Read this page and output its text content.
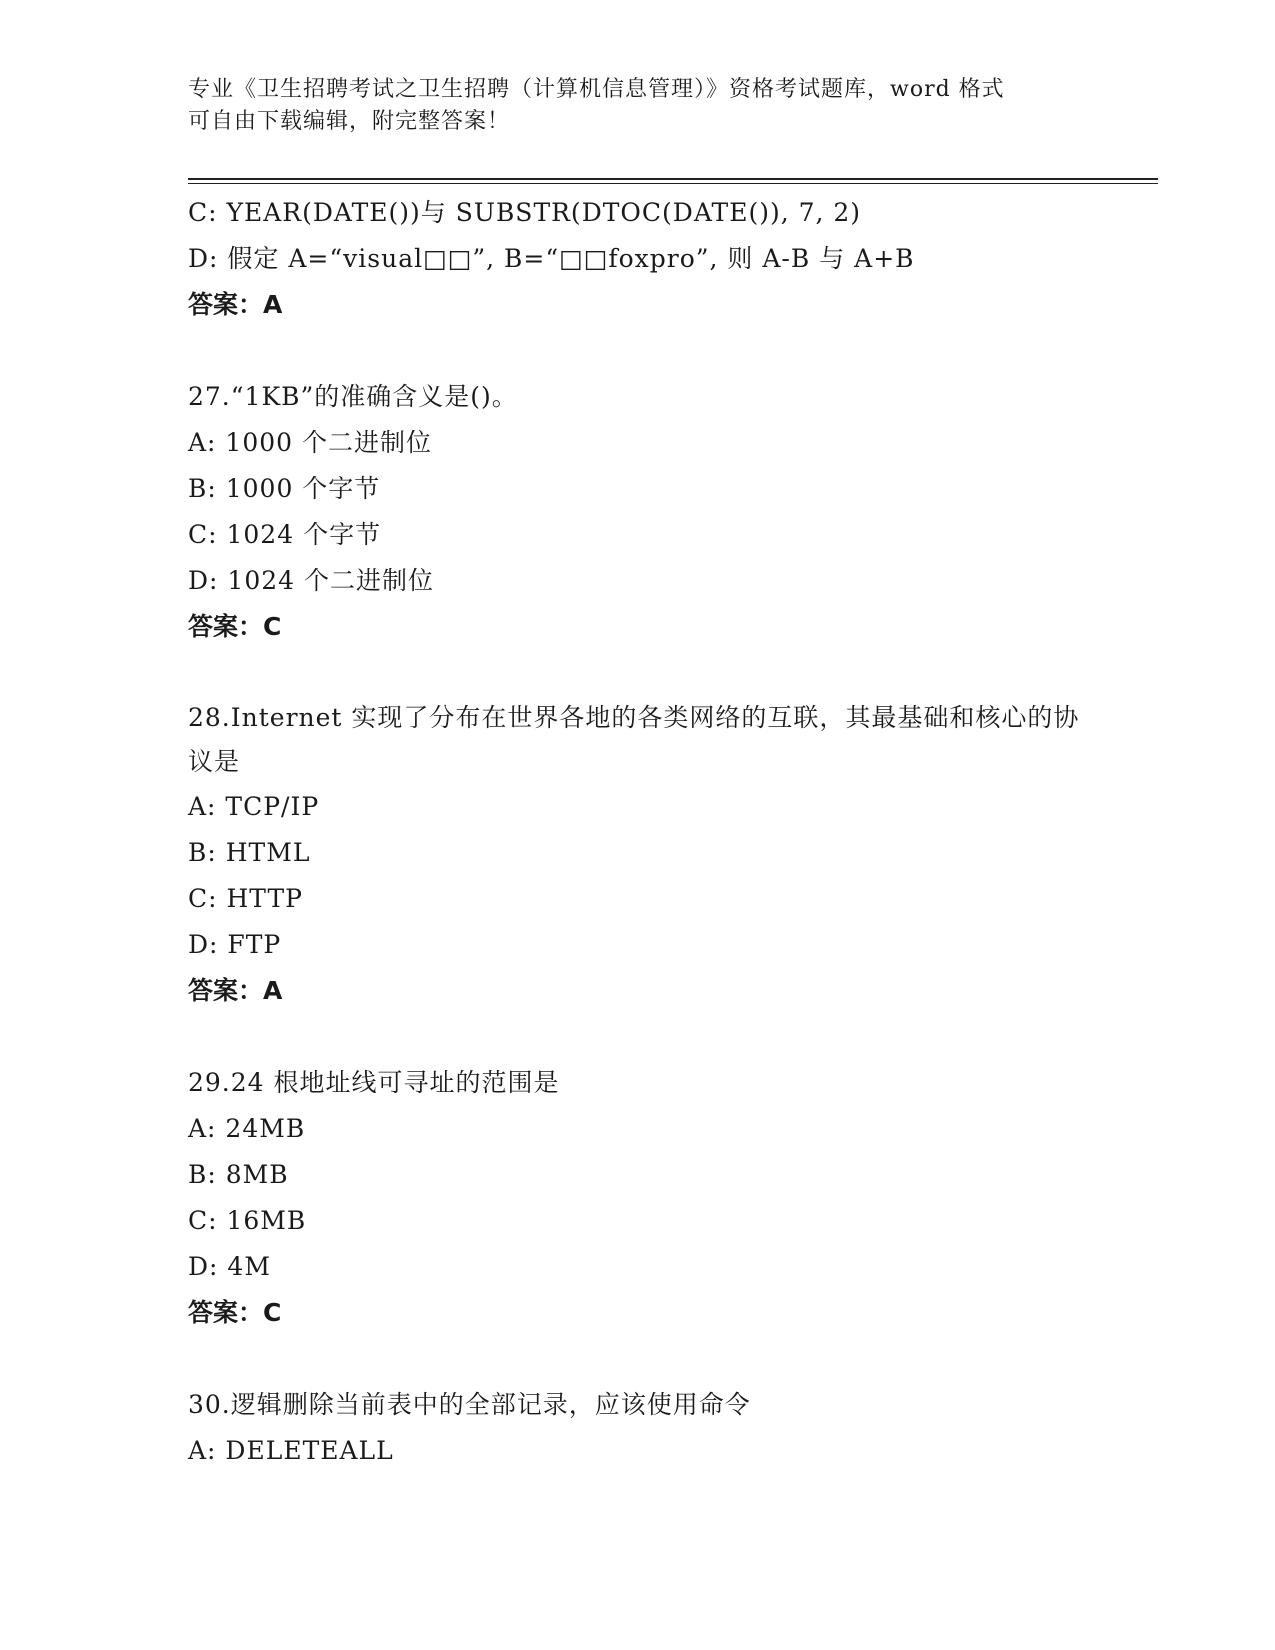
专业《卫生招聘考试之卫生招聘（计算机信息管理）》资格考试题库，word 格式
可自由下载编辑，附完整答案！
C: YEAR(DATE())与 SUBSTR(DTOC(DATE()), 7, 2)
D: 假定 A=“visual□□”, B=“□□foxpro”, 则 A-B 与 A+B
答案：A
27.“1KB”的准确含义是()。
A: 1000 个二进制位
B: 1000 个字节
C: 1024 个字节
D: 1024 个二进制位
答案：C
28.Internet 实现了分布在世界各地的各类网络的互联，其最基础和核心的协议是
A: TCP/IP
B: HTML
C: HTTP
D: FTP
答案：A
29.24 根地址线可寻址的范围是
A: 24MB
B: 8MB
C: 16MB
D: 4M
答案：C
30.逻辑删除当前表中的全部记录，应该使用命令
A: DELETEALL
